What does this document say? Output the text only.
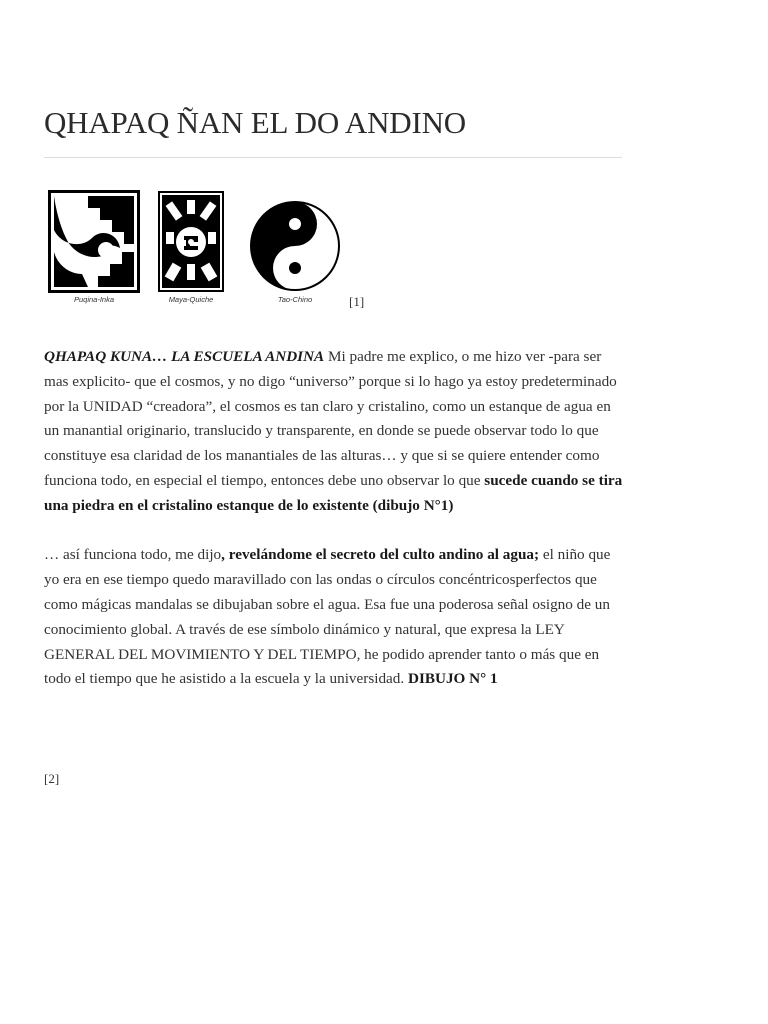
QHAPAQ ÑAN EL DO ANDINO
Puqina-Inka	Maya-Quiche	Tao-Chino	[1]

QHAPAQ KUNA… LA ESCUELA ANDINA Mi padre me explico, o me hizo ver -para ser mas explicito- que el cosmos, y no digo “universo” porque si lo hago ya estoy predeterminado por la UNIDAD “creadora”, el cosmos es tan claro y cristalino, como un estanque de agua en un manantial originario, translucido y transparente, en donde se puede observar todo lo que constituye esa claridad de los manantiales de las alturas… y que si se quiere entender como funciona todo, en especial el tiempo, entonces debe uno observar lo que sucede cuando se tira una piedra en el cristalino estanque de lo existente (dibujo N°1)

… así funciona todo, me dijo, revelándome el secreto del culto andino al agua; el niño que yo era en ese tiempo quedo maravillado con las ondas o círculos concéntricosperfectos que como mágicas mandalas se dibujaban sobre el agua. Esa fue una poderosa señal osigno de un conocimiento global. A través de ese símbolo dinámico y natural, que expresa la LEY GENERAL DEL MOVIMIENTO Y DEL TIEMPO, he podido aprender tanto o más que en todo el tiempo que he asistido a la escuela y la universidad. DIBUJO N° 1

[2]
